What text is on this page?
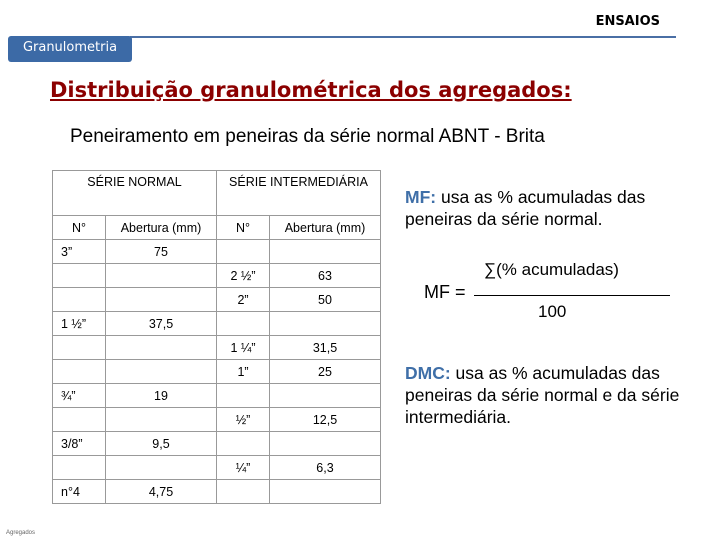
ENSAIOS
Granulometria
Distribuição granulométrica dos agregados:
Peneiramento em peneiras da série normal ABNT - Brita
SÉRIE NORMAL		SÉRIE INTERMEDIÁRIA	
N°	Abertura (mm)	N°	Abertura (mm)
3”	75		
		2 ½”	63
		2”	50
1 ½”	37,5		
		1 ¼”	31,5
		1”	25
¾”	19		
		½”	12,5
3/8”	9,5		
		¼”	6,3
n°4	4,75		
MF: usa as % acumuladas das peneiras da série normal.
MF =
∑(% acumuladas)
100
DMC: usa as % acumuladas das peneiras da série normal e da série intermediária.
Agregados
